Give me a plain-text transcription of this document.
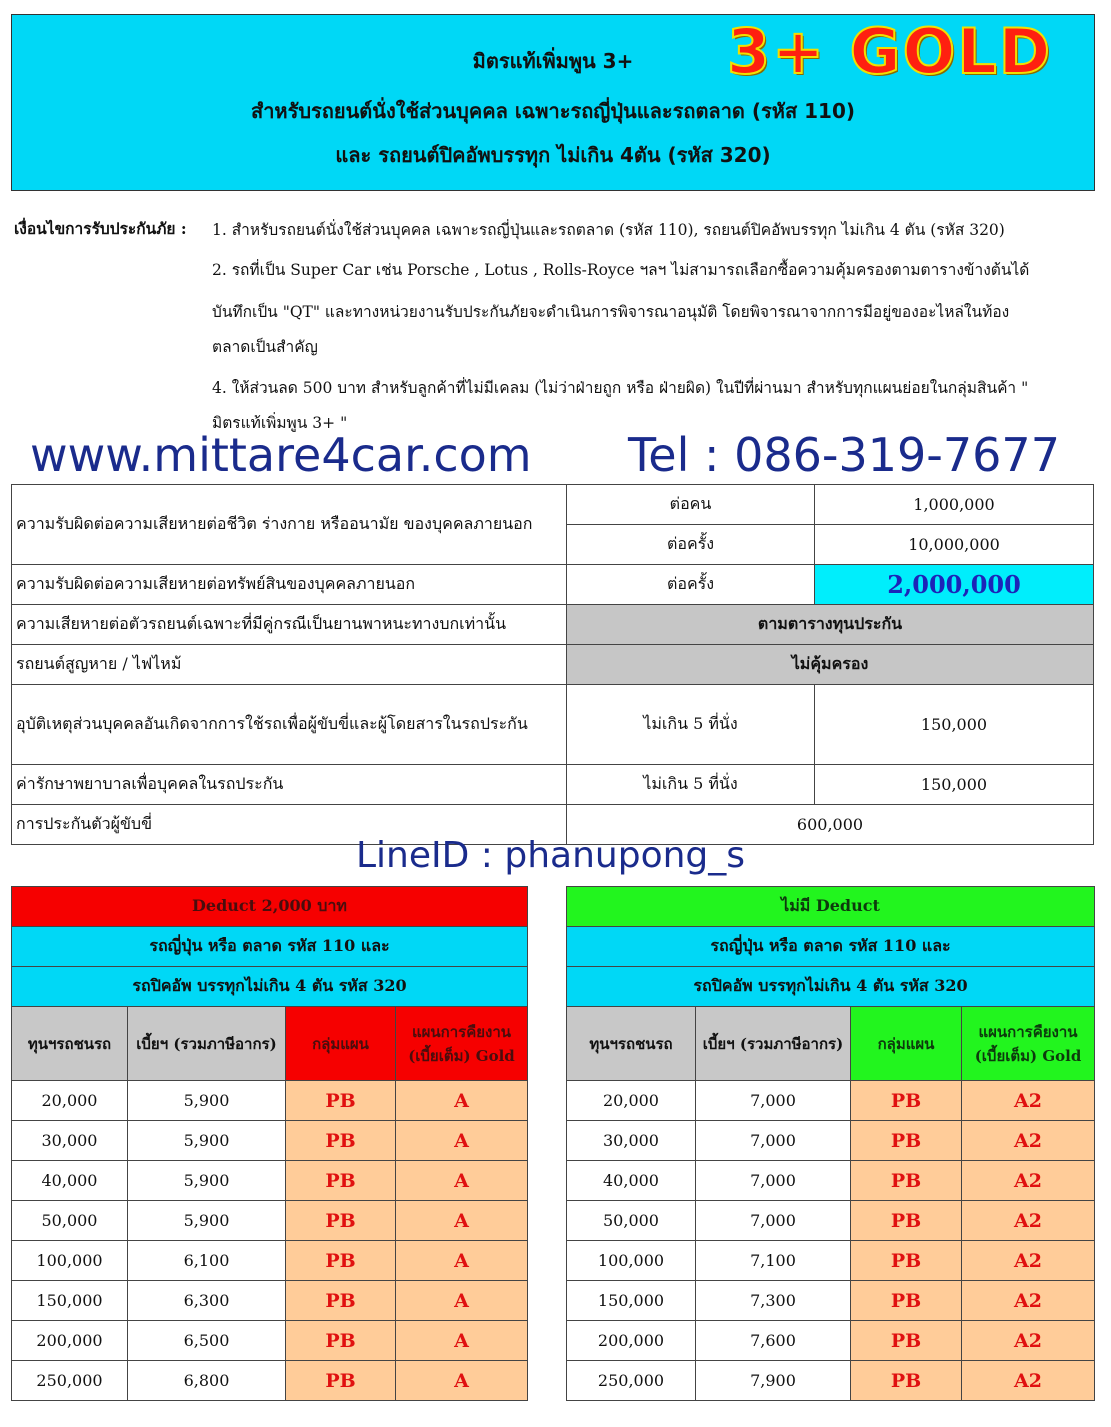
มิตรแท้เพิ่มพูน 3+	3+ GOLD
สำหรับรถยนต์นั่งใช้ส่วนบุคคล เฉพาะรถญี่ปุ่นและรถตลาด (รหัส 110)
และ รถยนต์ปิคอัพบรรทุก ไม่เกิน 4ตัน (รหัส 320)
เงื่อนไขการรับประกันภัย : 1. สำหรับรถยนต์นั่งใช้ส่วนบุคคล เฉพาะรถญี่ปุ่นและรถตลาด (รหัส 110), รถยนต์ปิคอัพบรรทุก ไม่เกิน 4 ตัน (รหัส 320)
2. รถที่เป็น Super Car เช่น Porsche , Lotus , Rolls-Royce ฯลฯ ไม่สามารถเลือกซื้อความคุ้มครองตามตารางข้างต้นได้
บันทึกเป็น "QT" และทางหน่วยงานรับประกันภัยจะดำเนินการพิจารณาอนุมัติ โดยพิจารณาจากการมีอยู่ของอะไหล่ในท้อง
ตลาดเป็นสำคัญ
4. ให้ส่วนลด 500 บาท สำหรับลูกค้าที่ไม่มีเคลม (ไม่ว่าฝ่ายถูก หรือ ฝ่ายผิด) ในปีที่ผ่านมา สำหรับทุกแผนย่อยในกลุ่มสินค้า "
มิตรแท้เพิ่มพูน 3+ "
www.mittare4car.com Tel : 086-319-7677
ความรับผิดต่อความเสียหายต่อชีวิต ร่างกาย หรืออนามัย ของบุคคลภายนอก	ต่อคน	1,000,000
	ต่อครั้ง	10,000,000
ความรับผิดต่อความเสียหายต่อทรัพย์สินของบุคคลภายนอก	ต่อครั้ง	2,000,000
ความเสียหายต่อตัวรถยนต์เฉพาะที่มีคู่กรณีเป็นยานพาหนะทางบกเท่านั้น	ตามตารางทุนประกัน	
รถยนต์สูญหาย / ไฟไหม้	ไม่คุ้มครอง	
อุบัติเหตุส่วนบุคคลอันเกิดจากการใช้รถเพื่อผู้ขับขี่และผู้โดยสารในรถประกัน	ไม่เกิน 5 ที่นั่ง	150,000
ค่ารักษาพยาบาลเพื่อบุคคลในรถประกัน	ไม่เกิน 5 ที่นั่ง	150,000
การประกันตัวผู้ขับขี่	600,000	
LineID : phanupong_s
Deduct 2,000 บาท			
รถญี่ปุ่น หรือ ตลาด รหัส 110 และ			
รถปิคอัพ บรรทุกไม่เกิน 4 ตัน รหัส 320			
ทุนฯรถชนรถ	เบี้ยฯ (รวมภาษีอากร)	กลุ่มแผน	แผนการคืยงาน
(เบี้ยเต็ม) Gold

20,000	5,900	PB	A
30,000	5,900	PB	A
40,000	5,900	PB	A
50,000	5,900	PB	A
100,000	6,100	PB	A
150,000	6,300	PB	A
200,000	6,500	PB	A
250,000	6,800	PB	A
ไม่มี Deduct			
รถญี่ปุ่น หรือ ตลาด รหัส 110 และ			
รถปิคอัพ บรรทุกไม่เกิน 4 ตัน รหัส 320			
ทุนฯรถชนรถ	เบี้ยฯ (รวมภาษีอากร)	กลุ่มแผน	แผนการคืยงาน
(เบี้ยเต็ม) Gold

20,000	7,000	PB	A2
30,000	7,000	PB	A2
40,000	7,000	PB	A2
50,000	7,000	PB	A2
100,000	7,100	PB	A2
150,000	7,300	PB	A2
200,000	7,600	PB	A2
250,000	7,900	PB	A2
